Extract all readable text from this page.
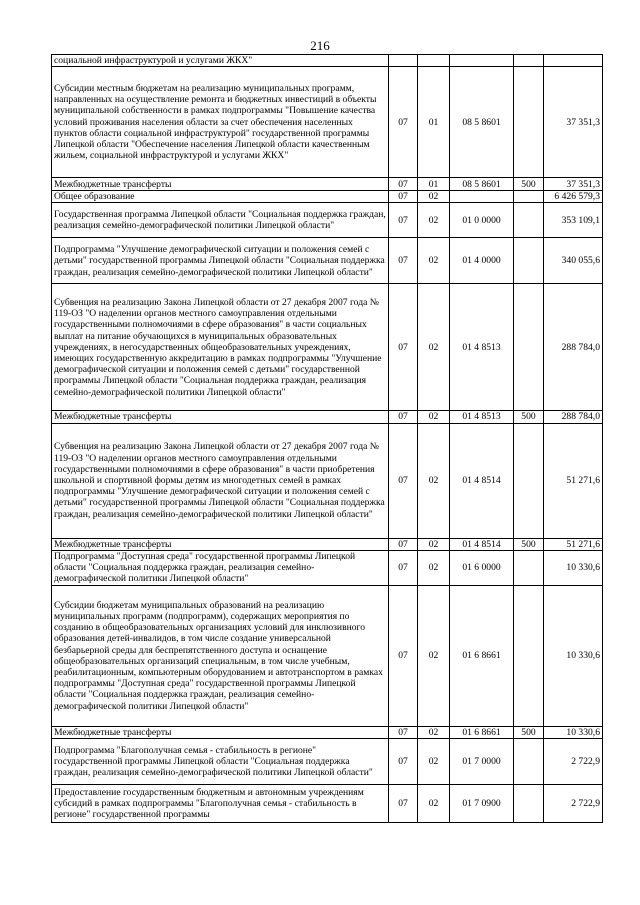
216
социальной инфраструктурой и услугами ЖКХ"					
Субсидии местным бюджетам на реализацию муниципальных программ, направленных на осуществление ремонта и бюджетных инвестиций в объекты муниципальной собственности в рамках подпрограммы "Повышение качества условий проживания населения области за счет обеспечения населенных пунктов области социальной инфраструктурой" государственной программы Липецкой области "Обеспечение населения Липецкой области качественным жильем, социальной инфраструктурой и услугами ЖКХ"	07	01	08 5 8601		37 351,3
Межбюджетные трансферты	07	01	08 5 8601	500	37 351,3
Общее образование	07	02			6 426 579,3
Государственная программа Липецкой области "Социальная поддержка граждан, реализация семейно-демографической политики Липецкой области"	07	02	01 0 0000		353 109,1
Подпрограмма "Улучшение демографической ситуации и положения семей с детьми" государственной программы Липецкой области "Социальная поддержка граждан, реализация семейно-демографической политики Липецкой области"	07	02	01 4 0000		340 055,6
Субвенция на реализацию Закона Липецкой области от 27 декабря 2007 года № 119-ОЗ "О наделении органов местного самоуправления отдельными государственными полномочиями в сфере образования" в части социальных выплат на питание обучающихся в муниципальных образовательных учреждениях, в негосударственных общеобразовательных учреждениях, имеющих государственную аккредитацию в рамках подпрограммы "Улучшение демографической ситуации и положения семей с детьми" государственной программы Липецкой области "Социальная поддержка граждан, реализация семейно-демографической политики Липецкой области"	07	02	01 4 8513		288 784,0
Межбюджетные трансферты	07	02	01 4 8513	500	288 784,0
Субвенция на реализацию Закона Липецкой области от 27 декабря 2007 года № 119-ОЗ "О наделении органов местного самоуправления отдельными государственными полномочиями в сфере образования" в части приобретения школьной и спортивной формы детям из многодетных семей в рамках подпрограммы "Улучшение демографической ситуации и положения семей с детьми" государственной программы Липецкой области "Социальная поддержка граждан, реализация семейно-демографической политики Липецкой области"	07	02	01 4 8514		51 271,6
Межбюджетные трансферты	07	02	01 4 8514	500	51 271,6
Подпрограмма "Доступная среда" государственной программы Липецкой области "Социальная поддержка граждан, реализация семейно-демографической политики Липецкой области"	07	02	01 6 0000		10 330,6
Субсидии бюджетам муниципальных образований на реализацию муниципальных программ (подпрограмм), содержащих мероприятия по созданию в общеобразовательных организациях условий для инклюзивного образования детей-инвалидов, в том числе создание универсальной безбарьерной среды для беспрепятственного доступа и оснащение общеобразовательных организаций специальным, в том числе учебным, реабилитационным, компьютерным оборудованием и автотранспортом в рамках подпрограммы "Доступная среда" государственной программы Липецкой области "Социальная поддержка граждан, реализация семейно-демографической политики Липецкой области"	07	02	01 6 8661		10 330,6
Межбюджетные трансферты	07	02	01 6 8661	500	10 330,6
Подпрограмма "Благополучная семья - стабильность в регионе" государственной программы Липецкой области "Социальная поддержка граждан, реализация семейно-демографической политики Липецкой области"	07	02	01 7 0000		2 722,9
Предоставление государственным бюджетным и автономным учреждениям субсидий в рамках подпрограммы "Благополучная семья - стабильность в регионе" государственной программы	07	02	01 7 0900		2 722,9
